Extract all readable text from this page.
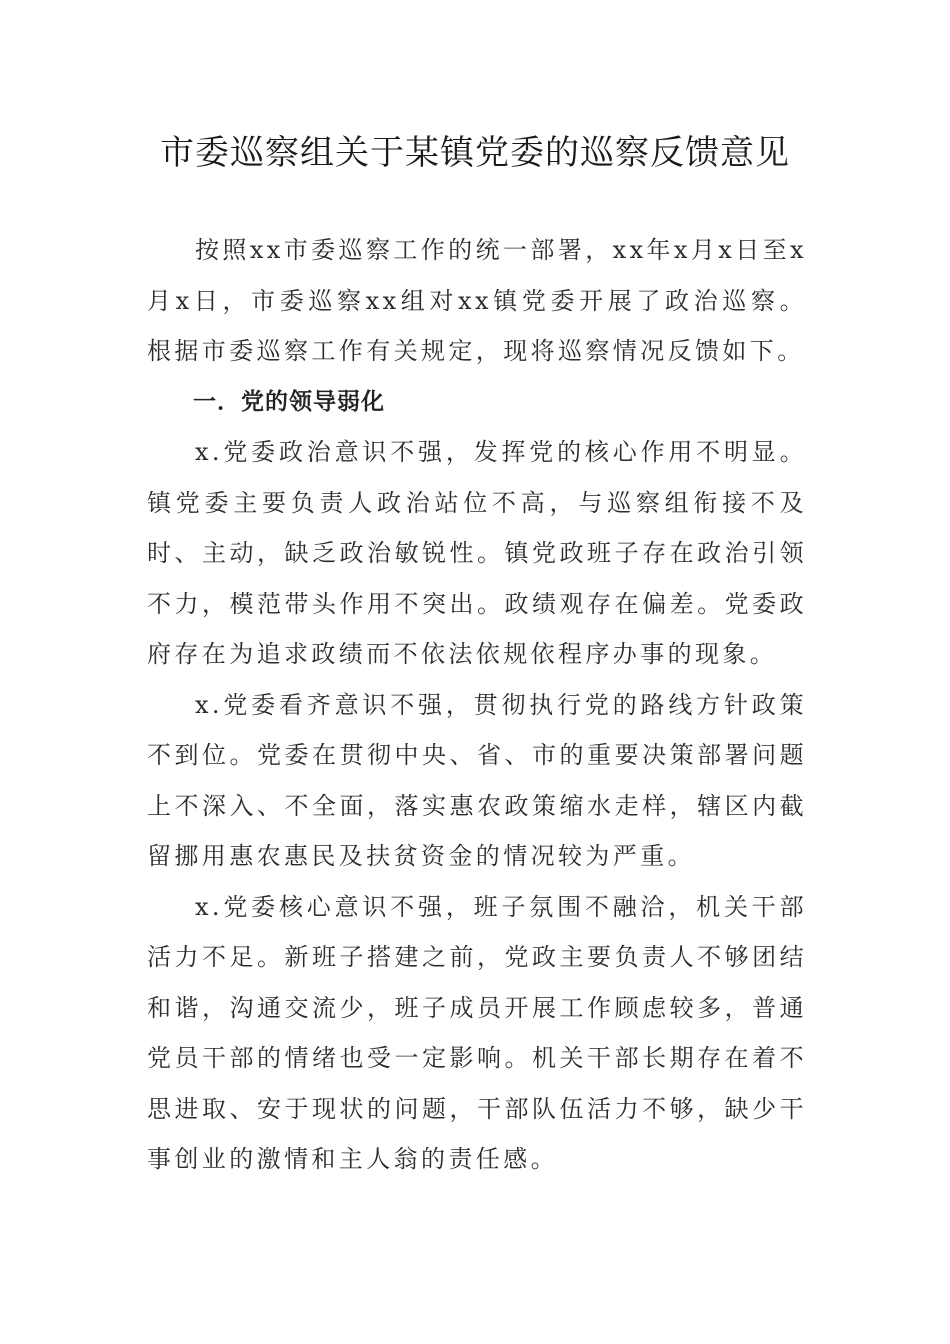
市委巡察组关于某镇党委的巡察反馈意见

按照xx市委巡察工作的统一部署，xx年x月x日至x月x日，市委巡察xx组对xx镇党委开展了政治巡察。根据市委巡察工作有关规定，现将巡察情况反馈如下。

一．党的领导弱化

x.党委政治意识不强，发挥党的核心作用不明显。镇党委主要负责人政治站位不高，与巡察组衔接不及时、主动，缺乏政治敏锐性。镇党政班子存在政治引领不力，模范带头作用不突出。政绩观存在偏差。党委政府存在为追求政绩而不依法依规依程序办事的现象。

x.党委看齐意识不强，贯彻执行党的路线方针政策不到位。党委在贯彻中央、省、市的重要决策部署问题上不深入、不全面，落实惠农政策缩水走样，辖区内截留挪用惠农惠民及扶贫资金的情况较为严重。

x.党委核心意识不强，班子氛围不融洽，机关干部活力不足。新班子搭建之前，党政主要负责人不够团结和谐，沟通交流少，班子成员开展工作顾虑较多，普通党员干部的情绪也受一定影响。机关干部长期存在着不思进取、安于现状的问题，干部队伍活力不够，缺少干事创业的激情和主人翁的责任感。
